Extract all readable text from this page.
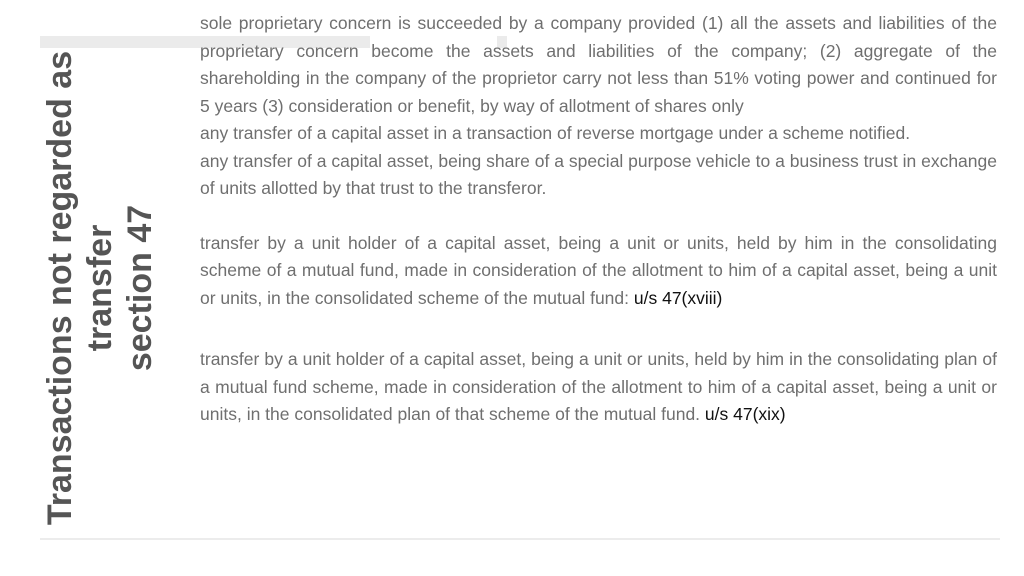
Transactions not regarded as transfer section 47

sole proprietary concern is succeeded by a company provided (1) all the assets and liabilities of the proprietary concern become the assets and liabilities of the company; (2) aggregate of the shareholding in the company of the proprietor carry not less than 51% voting power and continued for 5 years (3) consideration or benefit, by way of allotment of shares only

any transfer of a capital asset in a transaction of reverse mortgage under a scheme notified.

any transfer of a capital asset, being share of a special purpose vehicle to a business trust in exchange of units allotted by that trust to the transferor.

transfer by a unit holder of a capital asset, being a unit or units, held by him in the consolidating scheme of a mutual fund, made in consideration of the allotment to him of a capital asset, being a unit or units, in the consolidated scheme of the mutual fund: u/s 47(xviii)

transfer by a unit holder of a capital asset, being a unit or units, held by him in the consolidating plan of a mutual fund scheme, made in consideration of the allotment to him of a capital asset, being a unit or units, in the consolidated plan of that scheme of the mutual fund. u/s 47(xix)
